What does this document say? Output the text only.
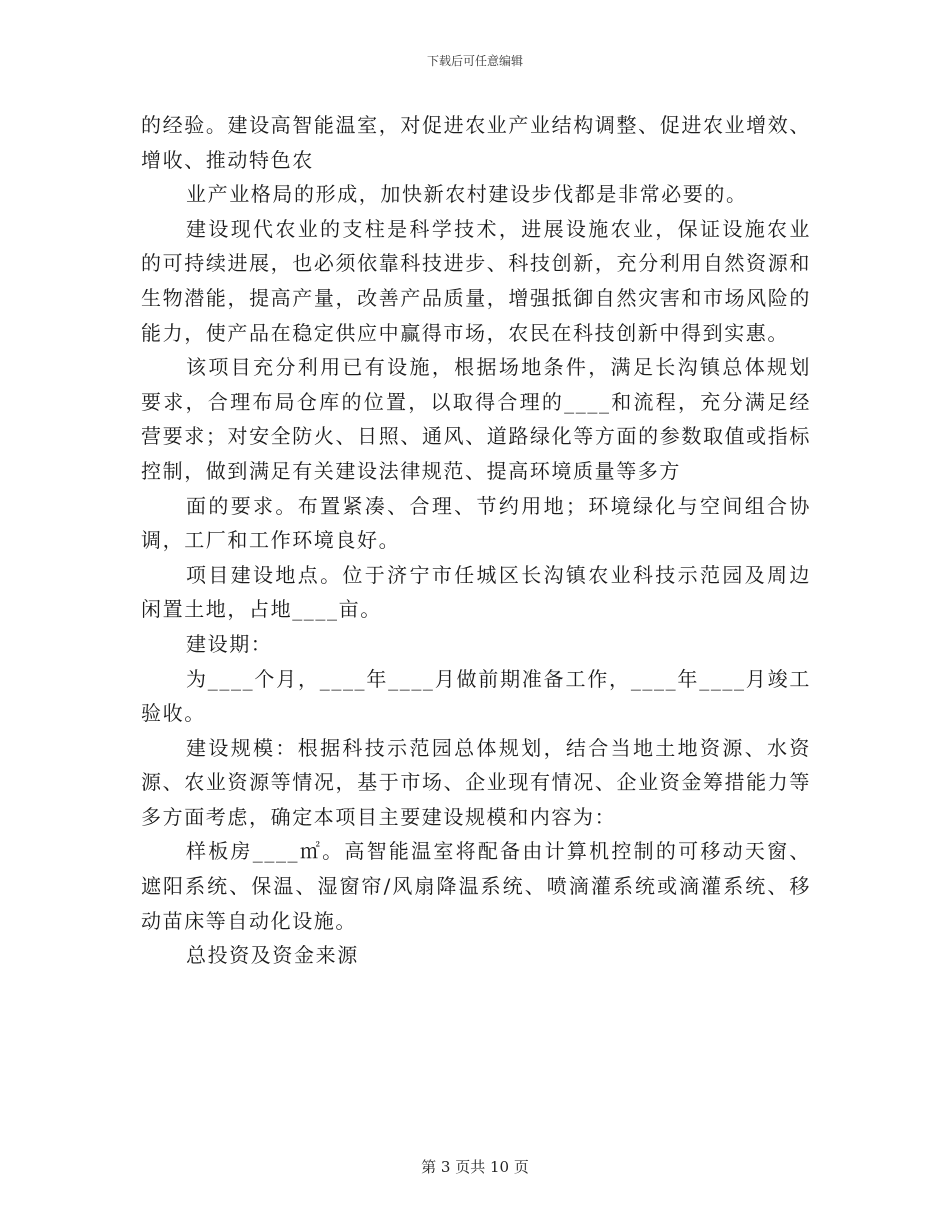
下载后可任意编辑

的经验。建设高智能温室，对促进农业产业结构调整、促进农业增效、增收、推动特色农

业产业格局的形成，加快新农村建设步伐都是非常必要的。

建设现代农业的支柱是科学技术，进展设施农业，保证设施农业的可持续进展，也必须依靠科技进步、科技创新，充分利用自然资源和生物潜能，提高产量，改善产品质量，增强抵御自然灾害和市场风险的能力，使产品在稳定供应中赢得市场，农民在科技创新中得到实惠。

该项目充分利用已有设施，根据场地条件，满足长沟镇总体规划要求，合理布局仓库的位置，以取得合理的____和流程，充分满足经营要求；对安全防火、日照、通风、道路绿化等方面的参数取值或指标控制，做到满足有关建设法律规范、提高环境质量等多方

面的要求。布置紧凑、合理、节约用地；环境绿化与空间组合协调，工厂和工作环境良好。

项目建设地点。位于济宁市任城区长沟镇农业科技示范园及周边闲置土地，占地____亩。

建设期：

为____个月，____年____月做前期准备工作，____年____月竣工验收。

建设规模：根据科技示范园总体规划，结合当地土地资源、水资源、农业资源等情况，基于市场、企业现有情况、企业资金筹措能力等多方面考虑，确定本项目主要建设规模和内容为：

样板房____㎡。高智能温室将配备由计算机控制的可移动天窗、遮阳系统、保温、湿窗帘/风扇降温系统、喷滴灌系统或滴灌系统、移动苗床等自动化设施。

总投资及资金来源

第 3 页共 10 页
